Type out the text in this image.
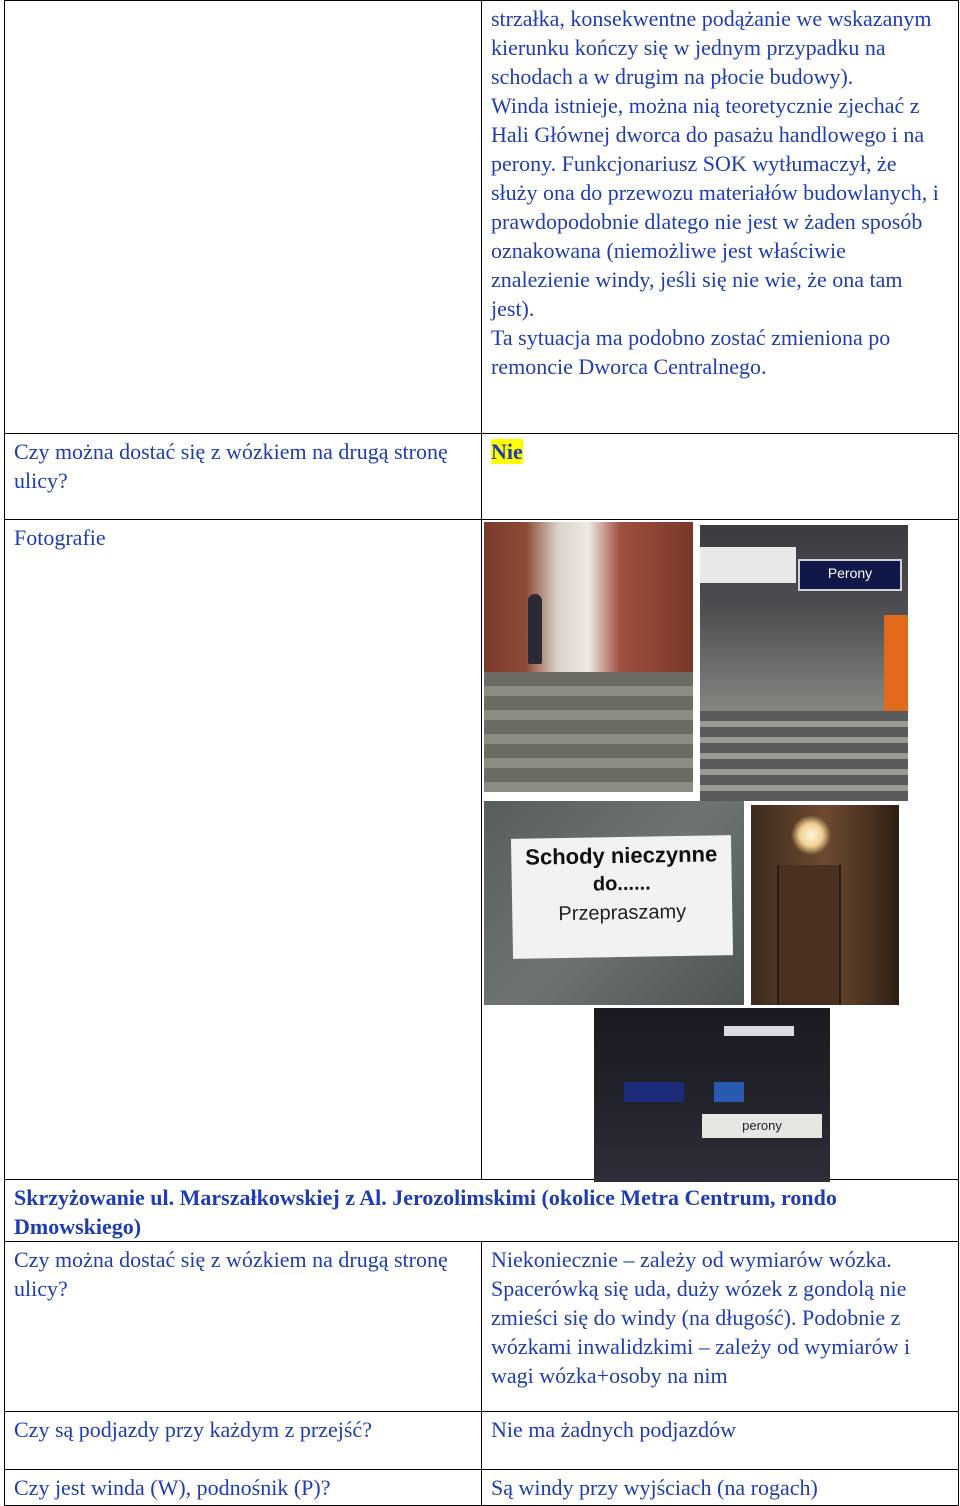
	strzałka, konsekwentne podążanie we wskazanym kierunku kończy się w jednym przypadku na schodach a w drugim na płocie budowy).

Winda istnieje, można nią teoretycznie zjechać z Hali Głównej dworca do pasażu handlowego i na perony. Funkcjonariusz SOK wytłumaczył, że służy ona do przewozu materiałów budowlanych, i prawdopodobnie dlatego nie jest w żaden sposób oznakowana (niemożliwe jest właściwie znalezienie windy, jeśli się nie wie, że ona tam jest).

Ta sytuacja ma podobno zostać zmieniona po remoncie Dworca Centralnego.

Czy można dostać się z wózkiem na drugą stronę ulicy?	Nie
Fotografie	Perony
Schody nieczynne
do......
Przepraszamy
perony

Skrzyżowanie ul. Marszałkowskiej z Al. Jerozolimskimi (okolice Metra Centrum, rondo Dmowskiego)	
Czy można dostać się z wózkiem na drugą stronę ulicy?	Niekoniecznie – zależy od wymiarów wózka. Spacerówką się uda, duży wózek z gondolą nie zmieści się do windy (na długość). Podobnie z wózkami inwalidzkimi – zależy od wymiarów i wagi wózka+osoby na nim
Czy są podjazdy przy każdym z przejść?	Nie ma żadnych podjazdów
Czy jest winda (W), podnośnik (P)?	Są windy przy wyjściach (na rogach)
